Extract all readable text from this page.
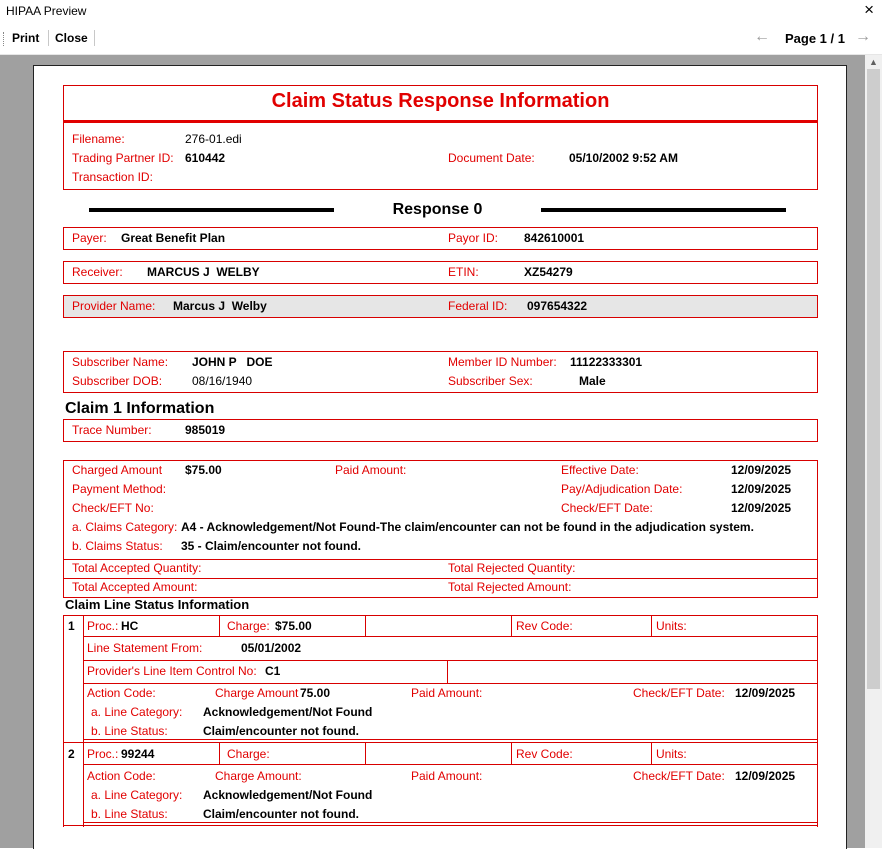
HIPAA Preview	×
Print Close	← Page 1 / 1 →
▲
Claim Status Response Information
Filename:	276-01.edi
Trading Partner ID: 610442	Document Date:	05/10/2002 9:52 AM
Transaction ID:
Response 0
Payer: Great Benefit Plan	Payor ID: 842610001
Receiver: MARCUS J  WELBY	ETIN:	XZ54279
Provider Name: Marcus J  Welby	Federal ID: 097654322
Subscriber Name: JOHN P   DOE	Member ID Number: 11122333301
Subscriber DOB: 08/16/1940	Subscriber Sex:	Male
Claim 1 Information
Trace Number:	985019
Charged Amount $75.00	Paid Amount:	Effective Date:	12/09/2025
Payment Method:	Pay/Adjudication Date:	12/09/2025
Check/EFT No:	Check/EFT Date:	12/09/2025
a. Claims Category: A4 - Acknowledgement/Not Found-The claim/encounter can not be found in the adjudication system.
b. Claims Status: 35 - Claim/encounter not found.
Total Accepted Quantity:	Total Rejected Quantity:
Total Accepted Amount:	Total Rejected Amount:
Claim Line Status Information
1 Proc.: HC	Charge: $75.00	Rev Code:	Units:
Line Statement From:	05/01/2002
Provider's Line Item Control No: C1
Action Code:	Charge Amount 75.00	Paid Amount:	Check/EFT Date: 12/09/2025
a. Line Category: Acknowledgement/Not Found
b. Line Status:	Claim/encounter not found.
2 Proc.: 99244	Charge:	Rev Code:	Units:
Action Code:	Charge Amount:	Paid Amount:	Check/EFT Date: 12/09/2025
a. Line Category: Acknowledgement/Not Found
b. Line Status:	Claim/encounter not found.
